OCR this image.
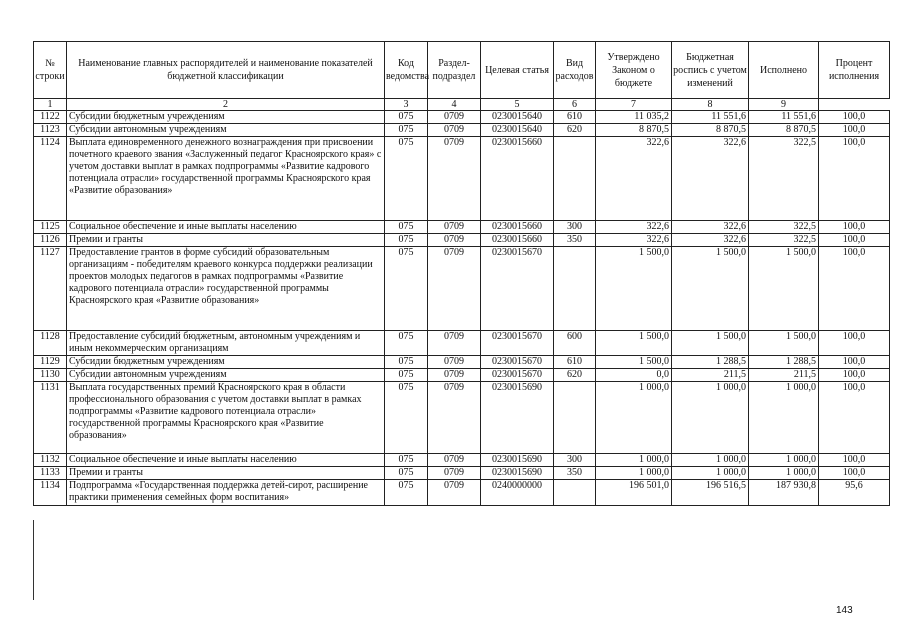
№ строки	Наименование главных распорядителей и наименование показателей бюджетной классификации	Код ведомства	Раздел-подраздел	Целевая статья	Вид расходов	Утверждено Законом о бюджете	Бюджетная роспись с учетом изменений	Исполнено	Процент исполнения
1	2	3	4	5	6	7	8	9	
1122	Субсидии бюджетным учреждениям	075	0709	0230015640	610	11 035,2	11 551,6	11 551,6	100,0
1123	Субсидии автономным учреждениям	075	0709	0230015640	620	8 870,5	8 870,5	8 870,5	100,0
1124	Выплата единовременного денежного вознаграждения при присвоении почетного краевого звания «Заслуженный педагог Красноярского края» с учетом доставки выплат в рамках подпрограммы «Развитие кадрового потенциала отрасли» государственной программы Красноярского края «Развитие образования»	075	0709	0230015660		322,6	322,6	322,5	100,0
1125	Социальное обеспечение и иные выплаты населению	075	0709	0230015660	300	322,6	322,6	322,5	100,0
1126	Премии и гранты	075	0709	0230015660	350	322,6	322,6	322,5	100,0
1127	Предоставление грантов в форме субсидий образовательным организациям - победителям краевого конкурса поддержки реализации проектов молодых педагогов в рамках подпрограммы «Развитие кадрового потенциала отрасли» государственной программы Красноярского края «Развитие образования»	075	0709	0230015670		1 500,0	1 500,0	1 500,0	100,0
1128	Предоставление субсидий бюджетным, автономным учреждениям и иным некоммерческим организациям	075	0709	0230015670	600	1 500,0	1 500,0	1 500,0	100,0
1129	Субсидии бюджетным учреждениям	075	0709	0230015670	610	1 500,0	1 288,5	1 288,5	100,0
1130	Субсидии автономным учреждениям	075	0709	0230015670	620	0,0	211,5	211,5	100,0
1131	Выплата государственных премий Красноярского края в области профессионального образования с учетом доставки выплат в рамках подпрограммы «Развитие кадрового потенциала отрасли» государственной программы Красноярского края «Развитие образования»	075	0709	0230015690		1 000,0	1 000,0	1 000,0	100,0
1132	Социальное обеспечение и иные выплаты населению	075	0709	0230015690	300	1 000,0	1 000,0	1 000,0	100,0
1133	Премии и гранты	075	0709	0230015690	350	1 000,0	1 000,0	1 000,0	100,0
1134	Подпрограмма «Государственная поддержка детей-сирот, расширение практики применения семейных форм воспитания»	075	0709	0240000000		196 501,0	196 516,5	187 930,8	95,6
143
